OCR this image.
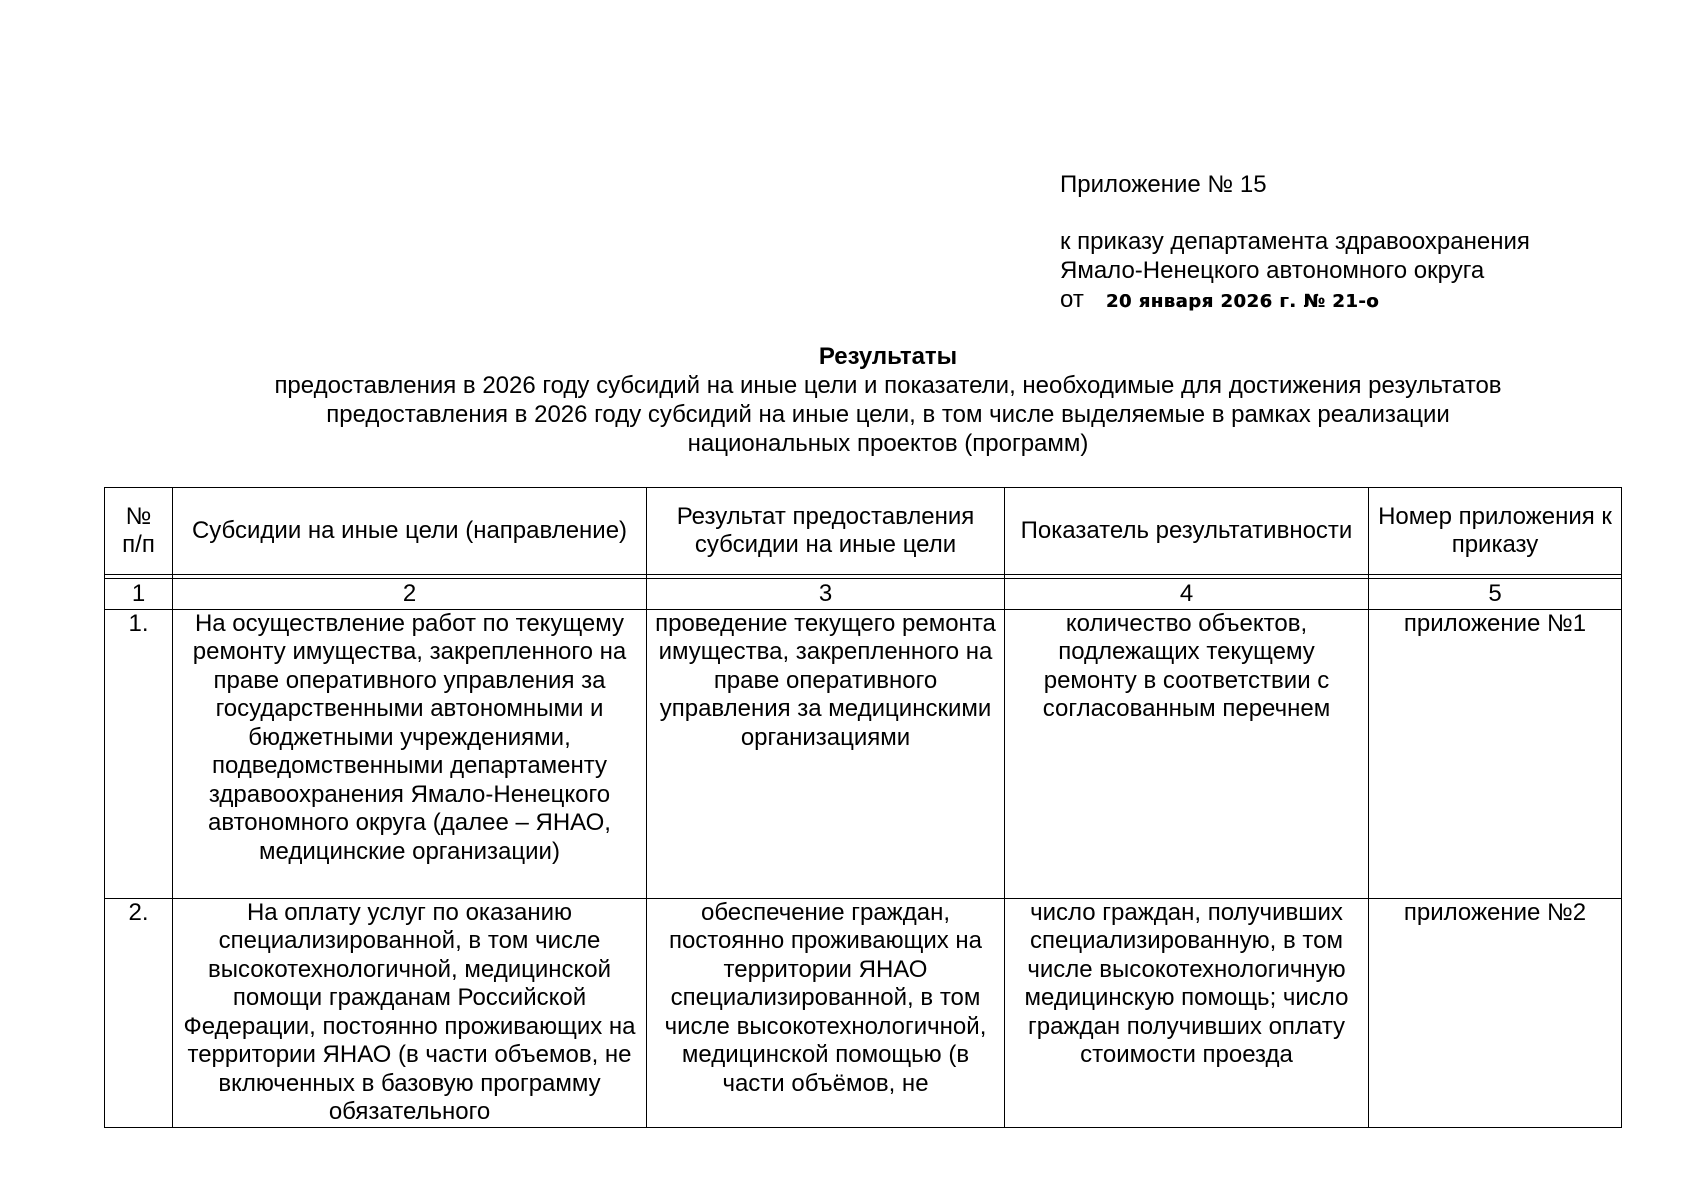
Приложение № 15
к приказу департамента здравоохранения
Ямало-Ненецкого автономного округа
от 20 января 2026 г. № 21-о
Результаты
предоставления в 2026 году субсидий на иные цели и показатели, необходимые для достижения результатов
предоставления в 2026 году субсидий на иные цели, в том числе выделяемые в рамках реализации
национальных проектов (программ)
№ п/п	Субсидии на иные цели (направление)	Результат предоставления субсидии на иные цели	Показатель результативности	Номер приложения к приказу

1	2	3	4	5
1.	На осуществление работ по текущему ремонту имущества, закрепленного на праве оперативного управления за государственными автономными и бюджетными учреждениями, подведомственными департаменту здравоохранения Ямало-Ненецкого автономного округа (далее – ЯНАО, медицинские организации)	проведение текущего ремонта имущества, закрепленного на праве оперативного управления за медицинскими организациями	количество объектов, подлежащих текущему ремонту в соответствии с согласованным перечнем	приложение №1
2.	На оплату услуг по оказанию специализированной, в том числе высокотехнологичной, медицинской помощи гражданам Российской Федерации, постоянно проживающих на территории ЯНАО (в части объемов, не включенных в базовую программу обязательного	обеспечение граждан, постоянно проживающих на территории ЯНАО специализированной, в том числе высокотехнологичной, медицинской помощью (в части объёмов, не	число граждан, получивших специализированную, в том числе высокотехнологичную медицинскую помощь; число граждан получивших оплату стоимости проезда	приложение №2
